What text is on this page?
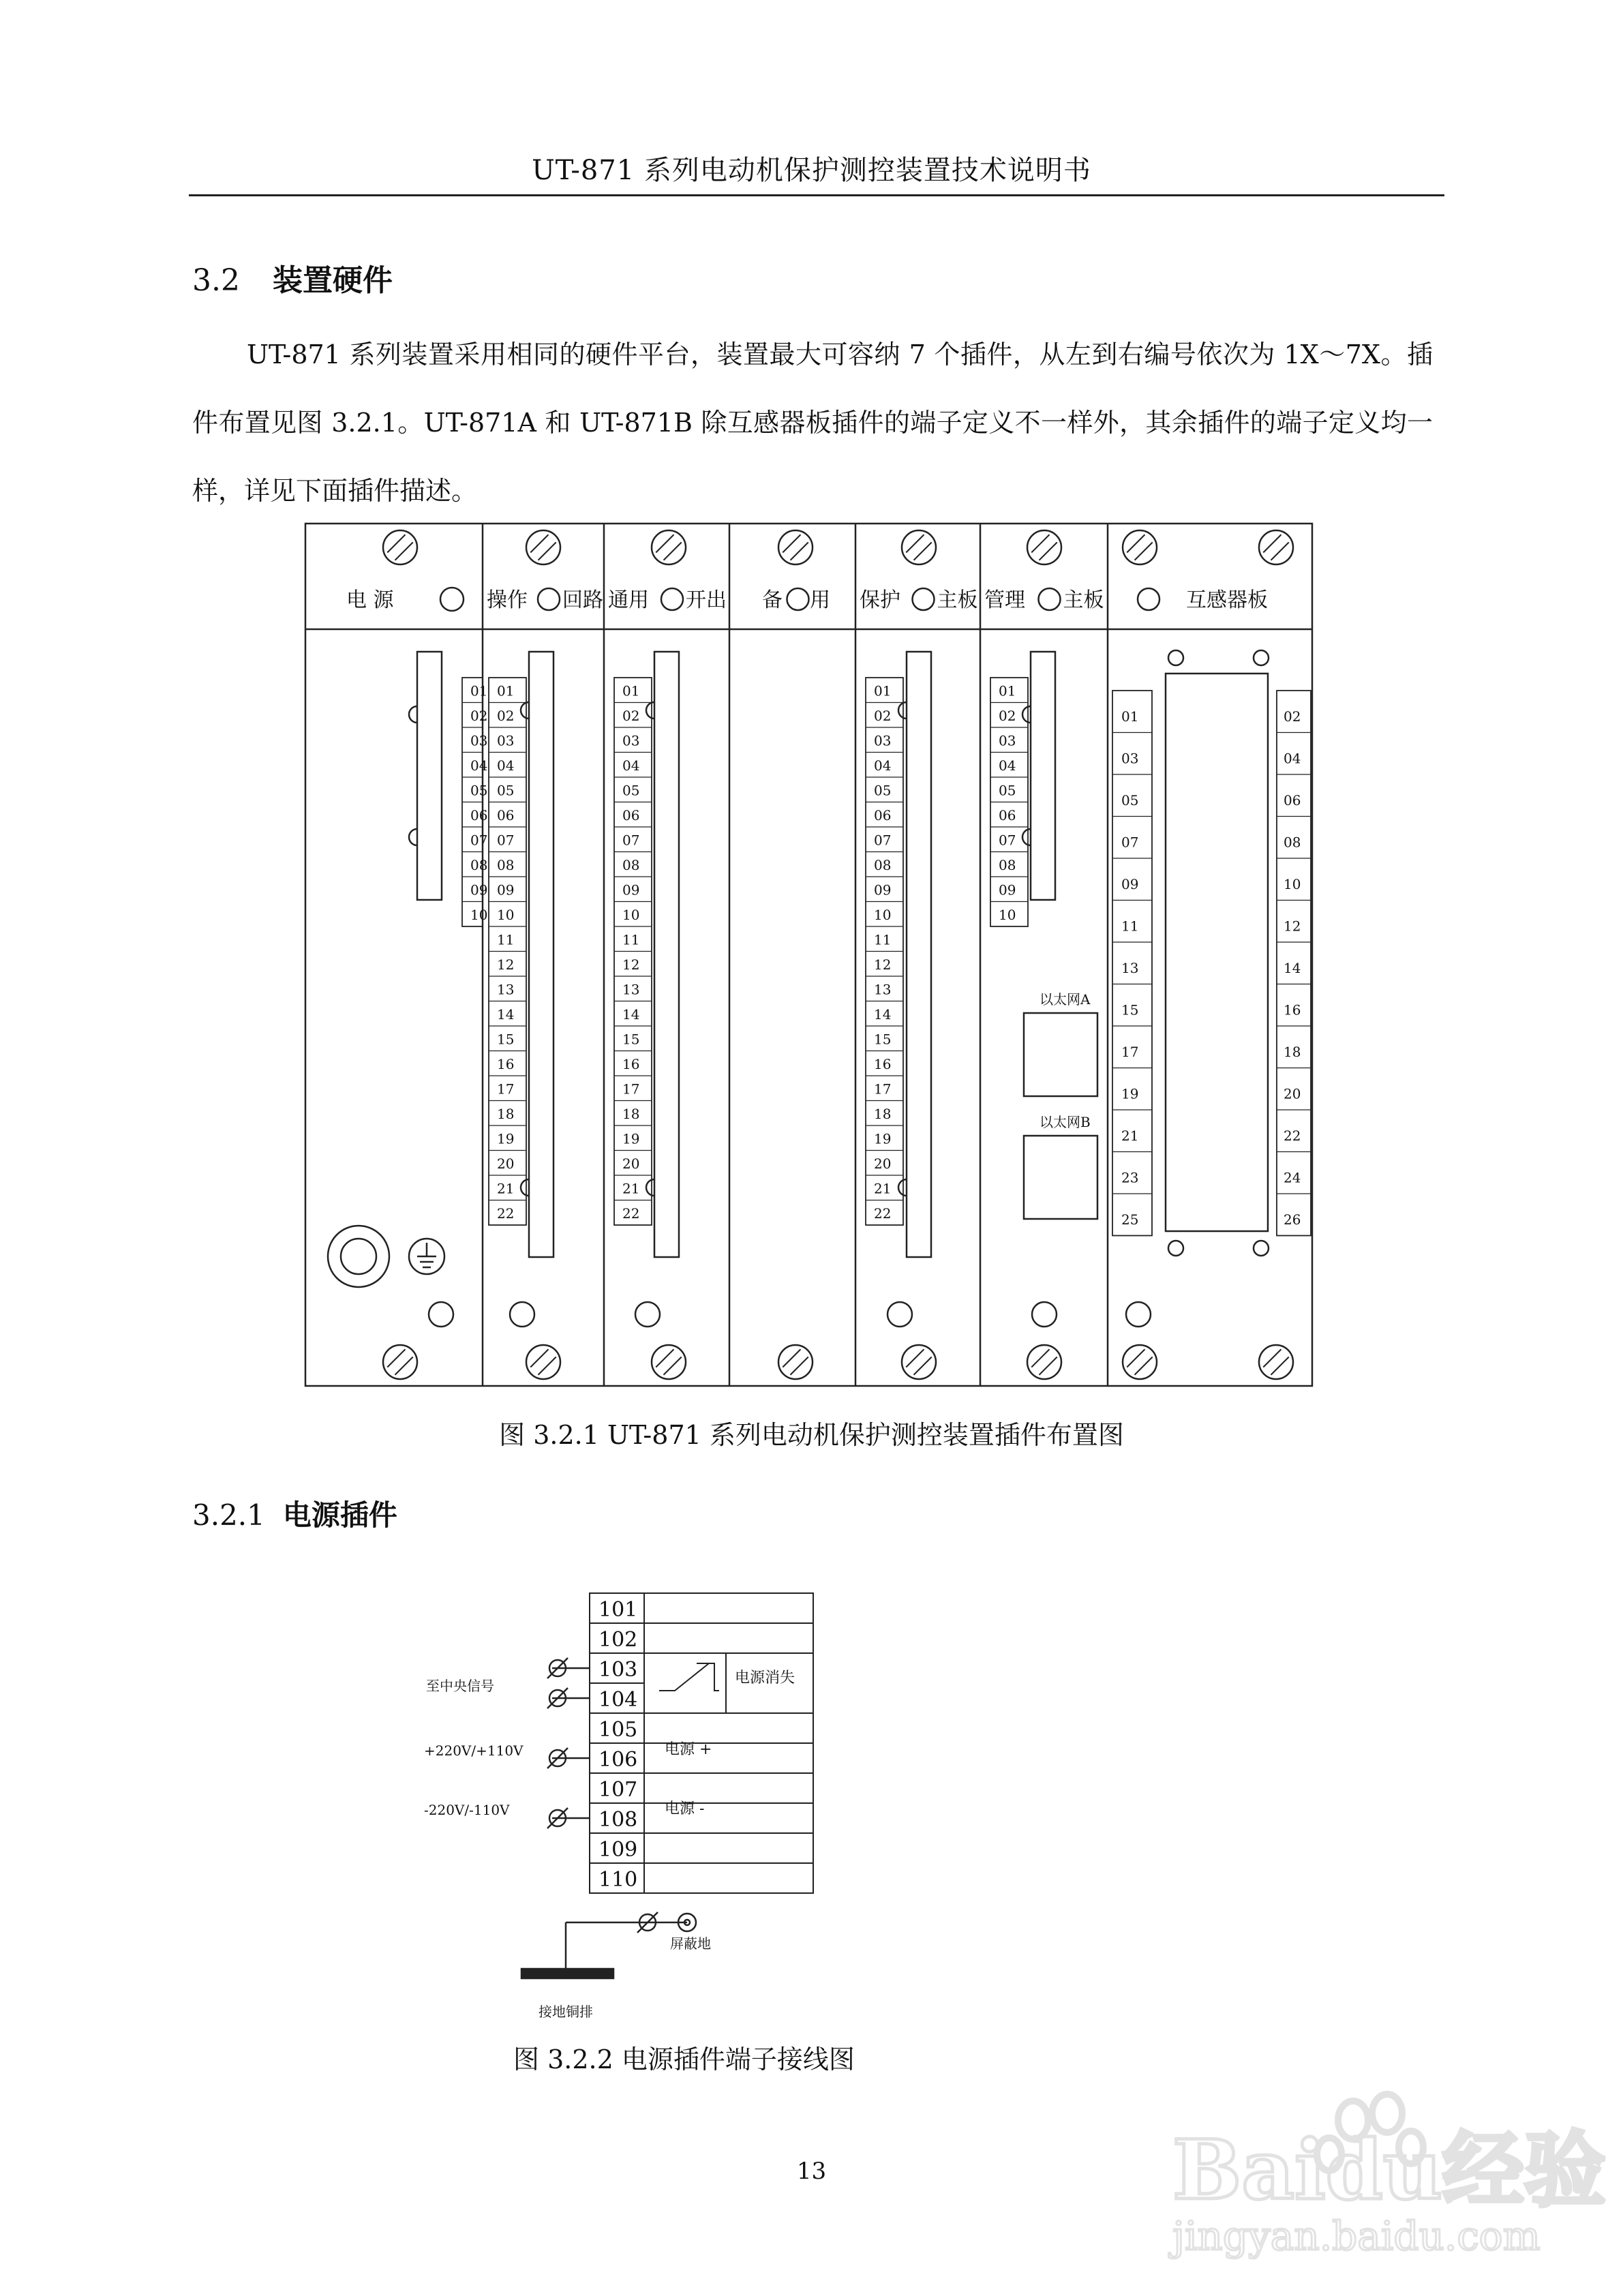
UT-871 系列电动机保护测控装置技术说明书
3.2 装置硬件
UT-871 系列装置采用相同的硬件平台，装置最大可容纳 7 个插件，从左到右编号依次为 1X～7X。插件布置见图 3.2.1。UT-871A 和 UT-871B 除互感器板插件的端子定义不一样外，其余插件的端子定义均一样，详见下面插件描述。
电 源	操作 回路 通用 开出	保护 主板 管理 主板	互感器板
备 用
01
02
03
04
05
06
07
08
09
10
01
02
03
04
05
06
07
08
09
10
11
12
13
14
15
16
17
18
19
20
21
22
01
02
03
04
05
06
07
08
09
10
11
12
13
14
15
16
17
18
19
20
21
22
01
02
03
04
05
06
07
08
09
10
11
12
13
14
15
16
17
18
19
20
21
22
01
02
03
04
05
06
07
08
09
10
01	02
03	04
05	06
07	08
09	10
11	12
13	14
15	16
17	18
19	20
21	22
23	24
25	26
以太网A
以太网B
图 3.2.1 UT-871 系列电动机保护测控装置插件布置图
3.2.1 电源插件
101
102
103
104
105
106
107
108
109
110
至中央信号
+220V/+110V
-220V/-110V
电源消失
电源 +
电源 -
屏蔽地
接地铜排
图 3.2.2 电源插件端子接线图
13	Baidu经验
jingyan.baidu.com
